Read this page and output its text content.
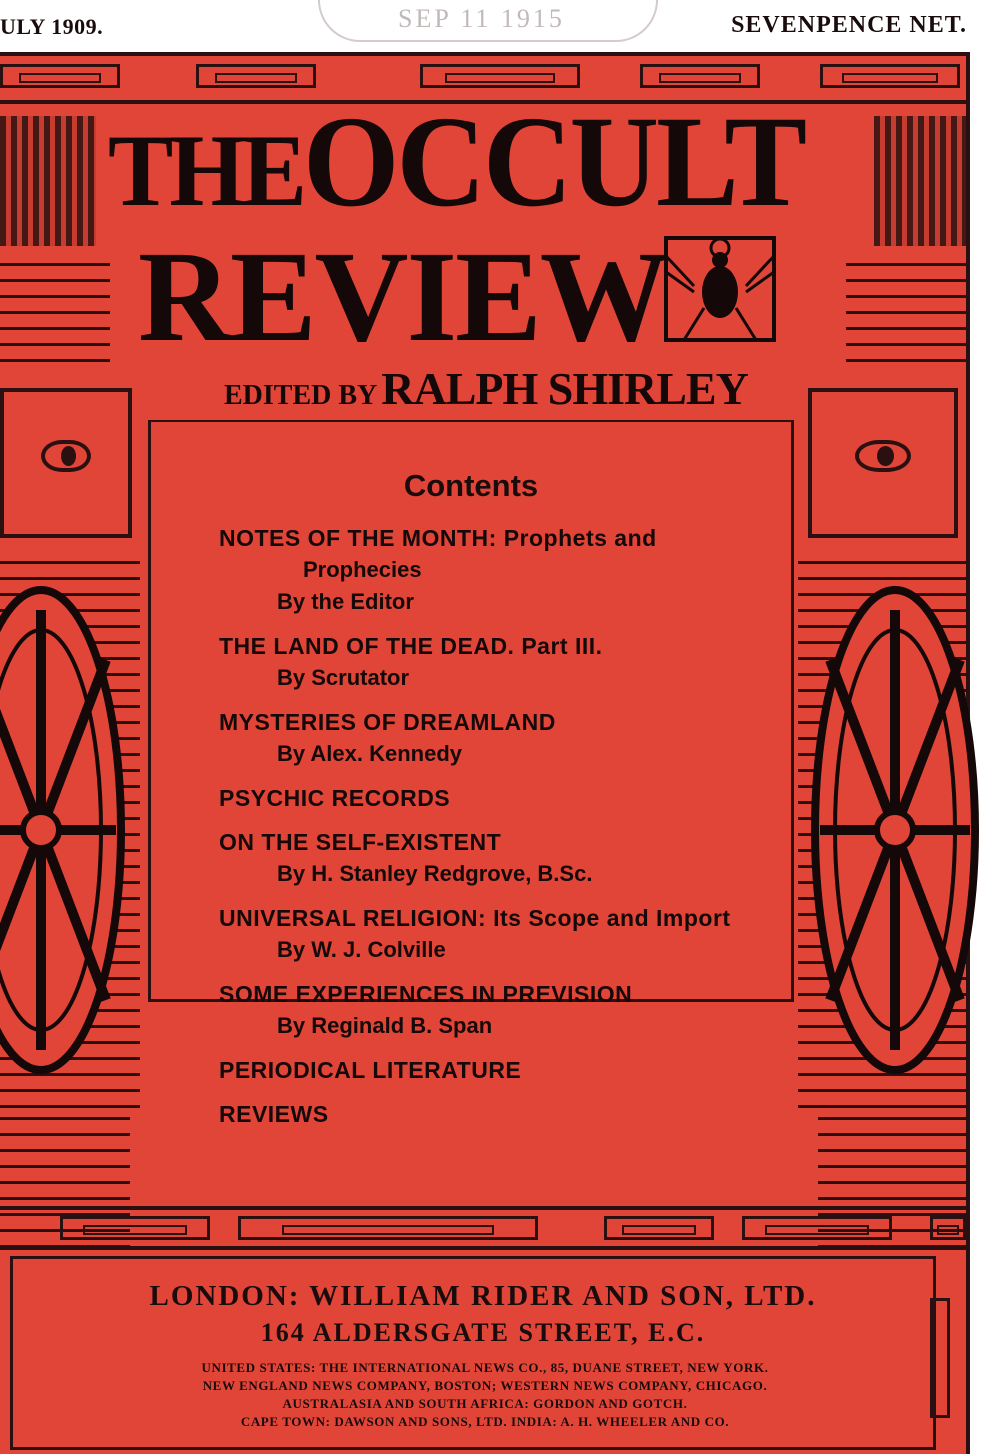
ULY 1909.	SEP 11 1915	SEVENPENCE NET.
THEOCCULT
REVIEW
EDITED BY RALPH SHIRLEY
Contents
NOTES OF THE MONTH: Prophets and
Prophecies
By the Editor
THE LAND OF THE DEAD. Part III.
By Scrutator
MYSTERIES OF DREAMLAND
By Alex. Kennedy
PSYCHIC RECORDS
ON THE SELF-EXISTENT
By H. Stanley Redgrove, B.Sc.
UNIVERSAL RELIGION: Its Scope and Import
By W. J. Colville
SOME EXPERIENCES IN PREVISION
By Reginald B. Span
PERIODICAL LITERATURE
REVIEWS
LONDON: WILLIAM RIDER AND SON, LTD.
164 ALDERSGATE STREET, E.C.
UNITED STATES: THE INTERNATIONAL NEWS CO., 85, DUANE STREET, NEW YORK.
NEW ENGLAND NEWS COMPANY, BOSTON; WESTERN NEWS COMPANY, CHICAGO.
AUSTRALASIA AND SOUTH AFRICA: GORDON AND GOTCH.
CAPE TOWN: DAWSON AND SONS, LTD. INDIA: A. H. WHEELER AND CO.
